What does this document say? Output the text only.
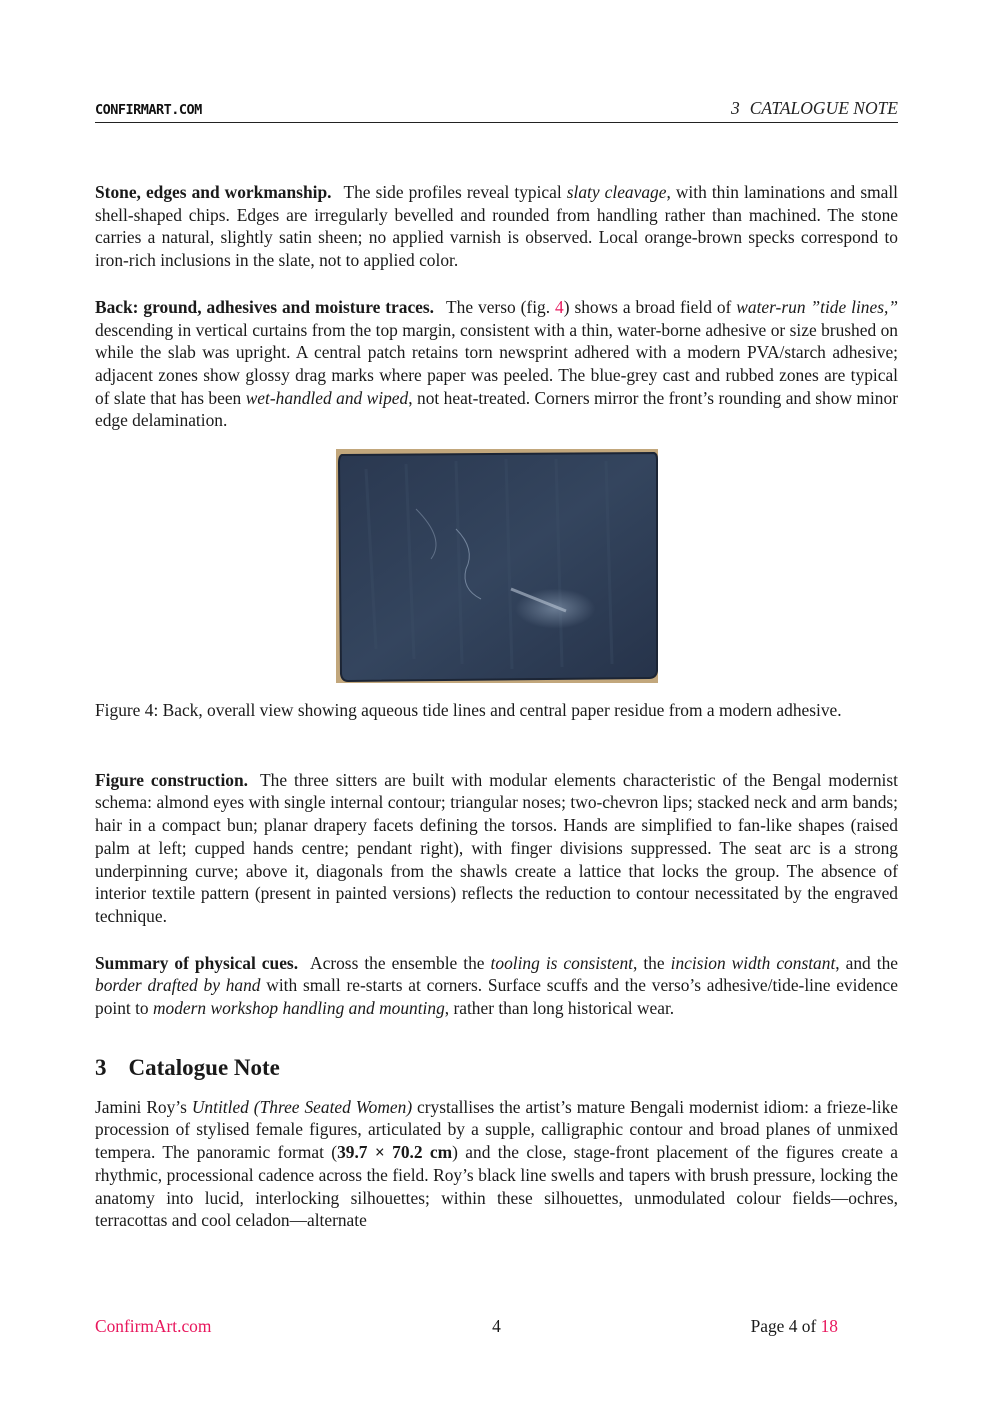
CONFIRMART.COM	3 CATALOGUE NOTE

Stone, edges and workmanship. The side profiles reveal typical slaty cleavage, with thin laminations and small shell-shaped chips. Edges are irregularly bevelled and rounded from handling rather than machined. The stone carries a natural, slightly satin sheen; no applied varnish is observed. Local orange-brown specks correspond to iron-rich inclusions in the slate, not to applied color.

Back: ground, adhesives and moisture traces. The verso (fig. 4) shows a broad field of water-run ”tide lines,” descending in vertical curtains from the top margin, consistent with a thin, water-borne adhesive or size brushed on while the slab was upright. A central patch retains torn newsprint adhered with a modern PVA/starch adhesive; adjacent zones show glossy drag marks where paper was peeled. The blue-grey cast and rubbed zones are typical of slate that has been wet-handled and wiped, not heat-treated. Corners mirror the front’s rounding and show minor edge delamination.

Figure 4: Back, overall view showing aqueous tide lines and central paper residue from a modern adhesive.

Figure construction. The three sitters are built with modular elements characteristic of the Bengal modernist schema: almond eyes with single internal contour; triangular noses; two-chevron lips; stacked neck and arm bands; hair in a compact bun; planar drapery facets defining the torsos. Hands are simplified to fan-like shapes (raised palm at left; cupped hands centre; pendant right), with finger divisions suppressed. The seat arc is a strong underpinning curve; above it, diagonals from the shawls create a lattice that locks the group. The absence of interior textile pattern (present in painted versions) reflects the reduction to contour necessitated by the engraved technique.

Summary of physical cues. Across the ensemble the tooling is consistent, the incision width constant, and the border drafted by hand with small re-starts at corners. Surface scuffs and the verso’s adhesive/tide-line evidence point to modern workshop handling and mounting, rather than long historical wear.

3 Catalogue Note

Jamini Roy’s Untitled (Three Seated Women) crystallises the artist’s mature Bengali modernist idiom: a frieze-like procession of stylised female figures, articulated by a supple, calligraphic contour and broad planes of unmixed tempera. The panoramic format (39.7 × 70.2 cm) and the close, stage-front placement of the figures create a rhythmic, processional cadence across the field. Roy’s black line swells and tapers with brush pressure, locking the anatomy into lucid, interlocking silhouettes; within these silhouettes, unmodulated colour fields—ochres, terracottas and cool celadon—alternate

ConfirmArt.com	4	Page 4 of 18
